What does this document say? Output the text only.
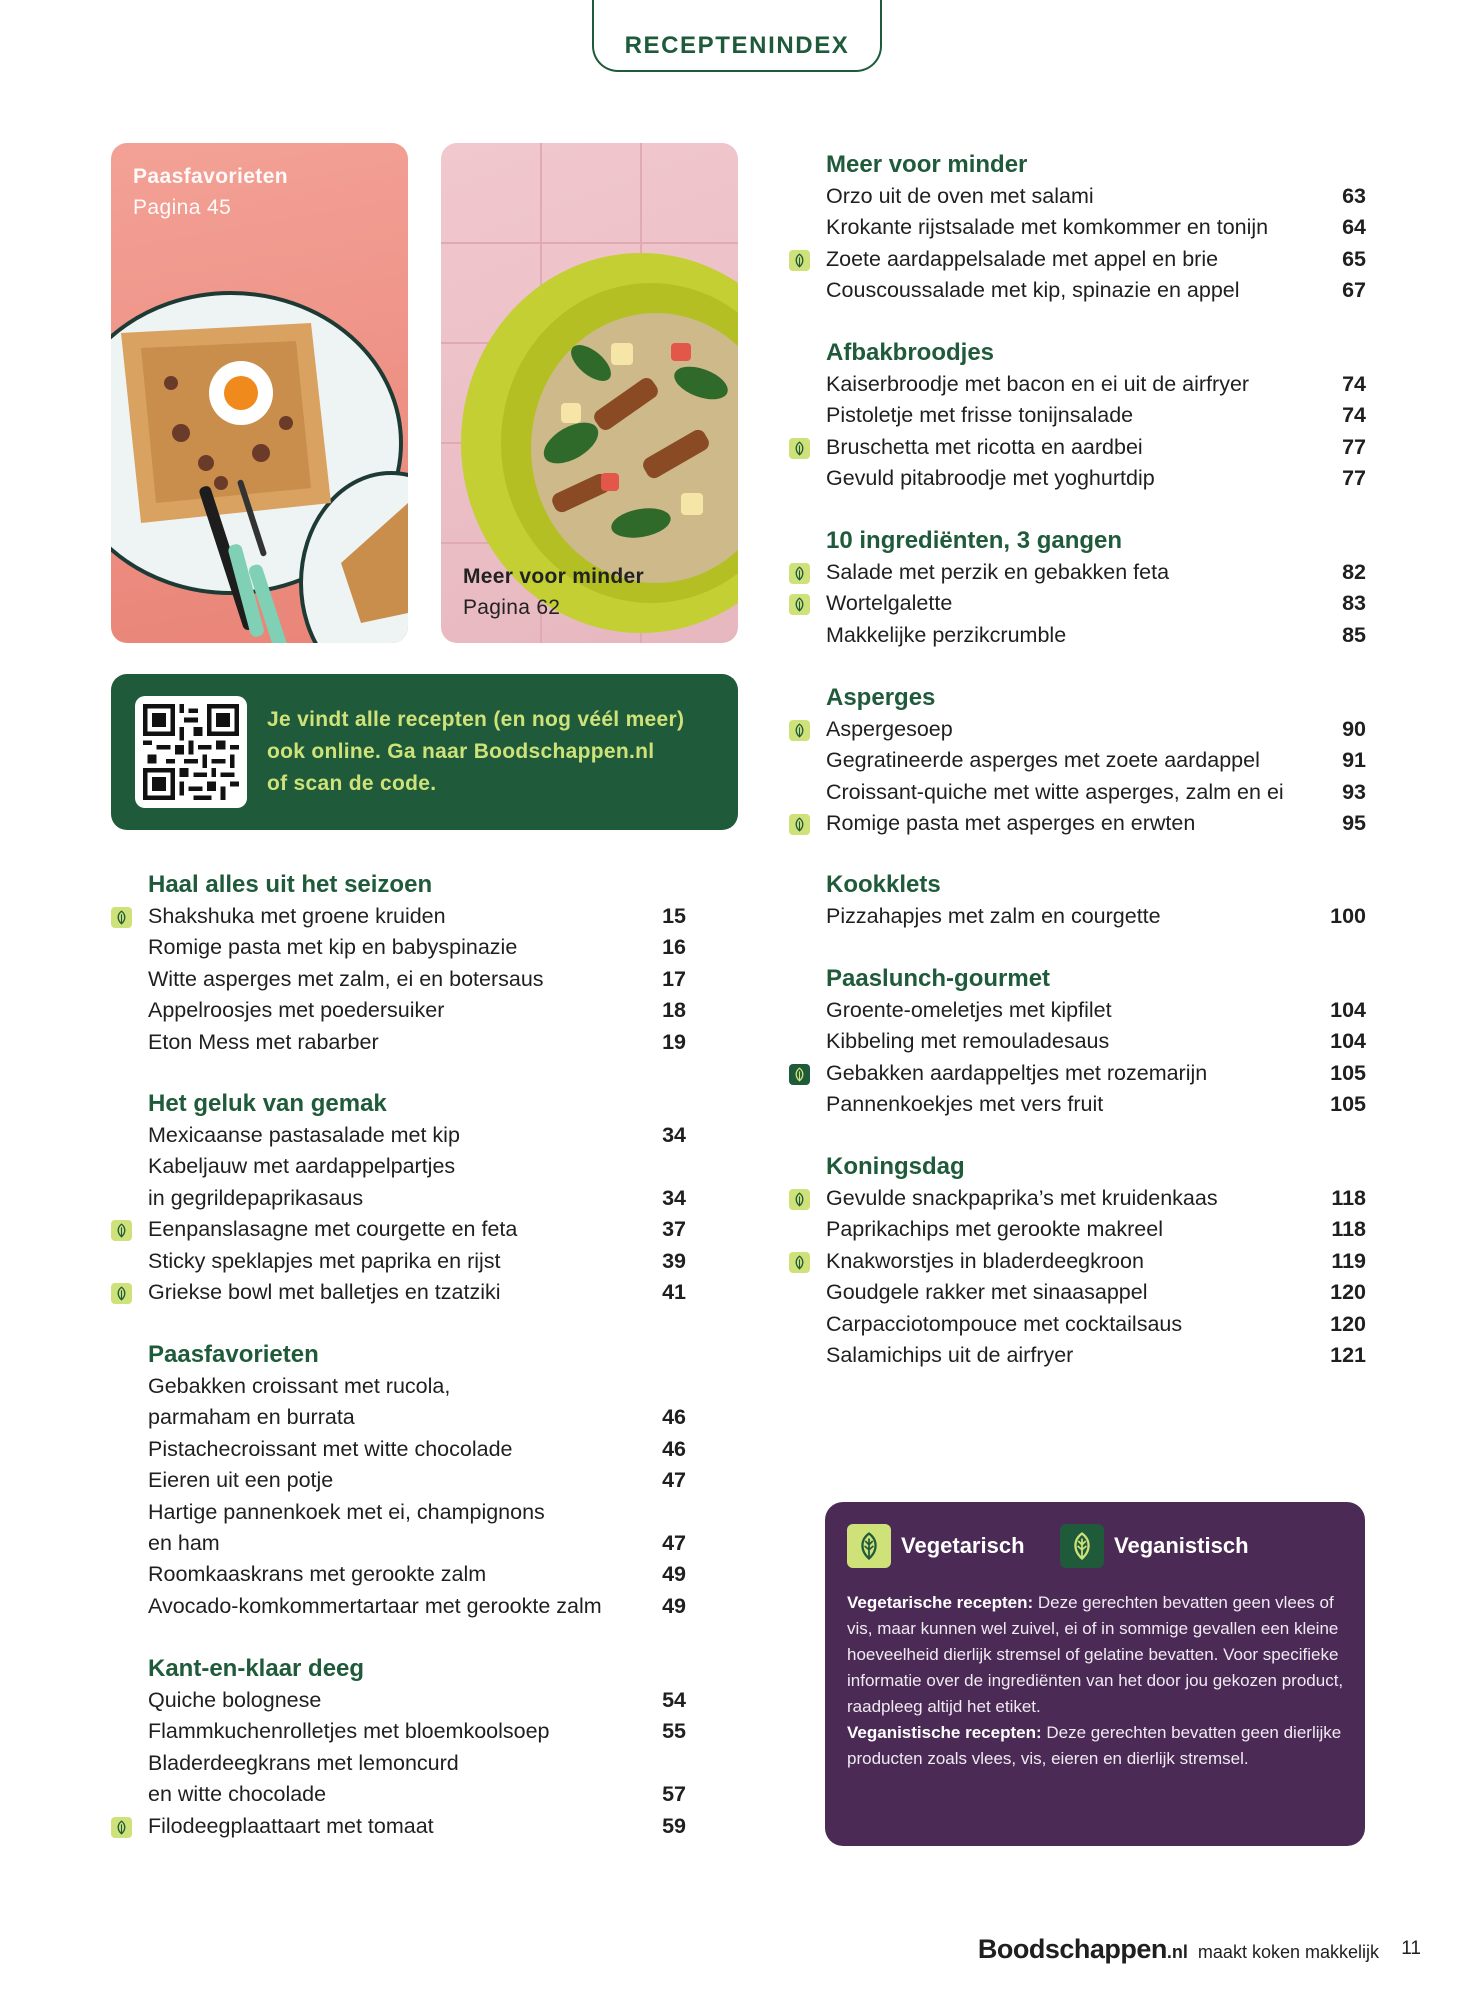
RECEPTENINDEX
Paasfavorieten
Pagina 45
Meer voor minder
Pagina 62
Je vindt alle recepten (en nog véél meer)
ook online. Ga naar Boodschappen.nl
of scan de code.
Haal alles uit het seizoen
Shakshuka met groene kruiden	15
Romige pasta met kip en babyspinazie	16
Witte asperges met zalm, ei en botersaus	17
Appelroosjes met poedersuiker	18
Eton Mess met rabarber	19
Het geluk van gemak
Mexicaanse pastasalade met kip	34
Kabeljauw met aardappelpartjes
in gegrildepaprikasaus	34
Eenpanslasagne met courgette en feta	37
Sticky speklapjes met paprika en rijst	39
Griekse bowl met balletjes en tzatziki	41
Paasfavorieten
Gebakken croissant met rucola,
parmaham en burrata	46
Pistachecroissant met witte chocolade	46
Eieren uit een potje	47
Hartige pannenkoek met ei, champignons
en ham	47
Roomkaaskrans met gerookte zalm	49
Avocado-komkommertartaar met gerookte zalm	49
Kant-en-klaar deeg
Quiche bolognese	54
Flammkuchenrolletjes met bloemkoolsoep	55
Bladerdeegkrans met lemoncurd
en witte chocolade	57
Filodeegplaattaart met tomaat	59
Meer voor minder
Orzo uit de oven met salami	63
Krokante rijstsalade met komkommer en tonijn	64
Zoete aardappelsalade met appel en brie	65
Couscoussalade met kip, spinazie en appel	67
Afbakbroodjes
Kaiserbroodje met bacon en ei uit de airfryer	74
Pistoletje met frisse tonijnsalade	74
Bruschetta met ricotta en aardbei	77
Gevuld pitabroodje met yoghurtdip	77
10 ingrediënten, 3 gangen
Salade met perzik en gebakken feta	82
Wortelgalette	83
Makkelijke perzikcrumble	85
Asperges
Aspergesoep	90
Gegratineerde asperges met zoete aardappel	91
Croissant-quiche met witte asperges, zalm en ei	93
Romige pasta met asperges en erwten	95
Kookklets
Pizzahapjes met zalm en courgette	100
Paaslunch-gourmet
Groente-omeletjes met kipfilet	104
Kibbeling met remouladesaus	104
Gebakken aardappeltjes met rozemarijn	105
Pannenkoekjes met vers fruit	105
Koningsdag
Gevulde snackpaprika’s met kruidenkaas	118
Paprikachips met gerookte makreel	118
Knakworstjes in bladerdeegkroon	119
Goudgele rakker met sinaasappel	120
Carpacciotompouce met cocktailsaus	120
Salamichips uit de airfryer	121
Vegetarisch	Veganistisch
Vegetarische recepten: Deze gerechten bevatten geen vlees of vis, maar kunnen wel zuivel, ei of in sommige gevallen een kleine hoeveelheid dierlijk stremsel of gelatine bevatten. Voor specifieke informatie over de ingrediënten van het door jou gekozen product, raadpleeg altijd het etiket.
Veganistische recepten: Deze gerechten bevatten geen dierlijke producten zoals vlees, vis, eieren en dierlijk stremsel.
Boodschappen .nl maakt koken makkelijk 11
